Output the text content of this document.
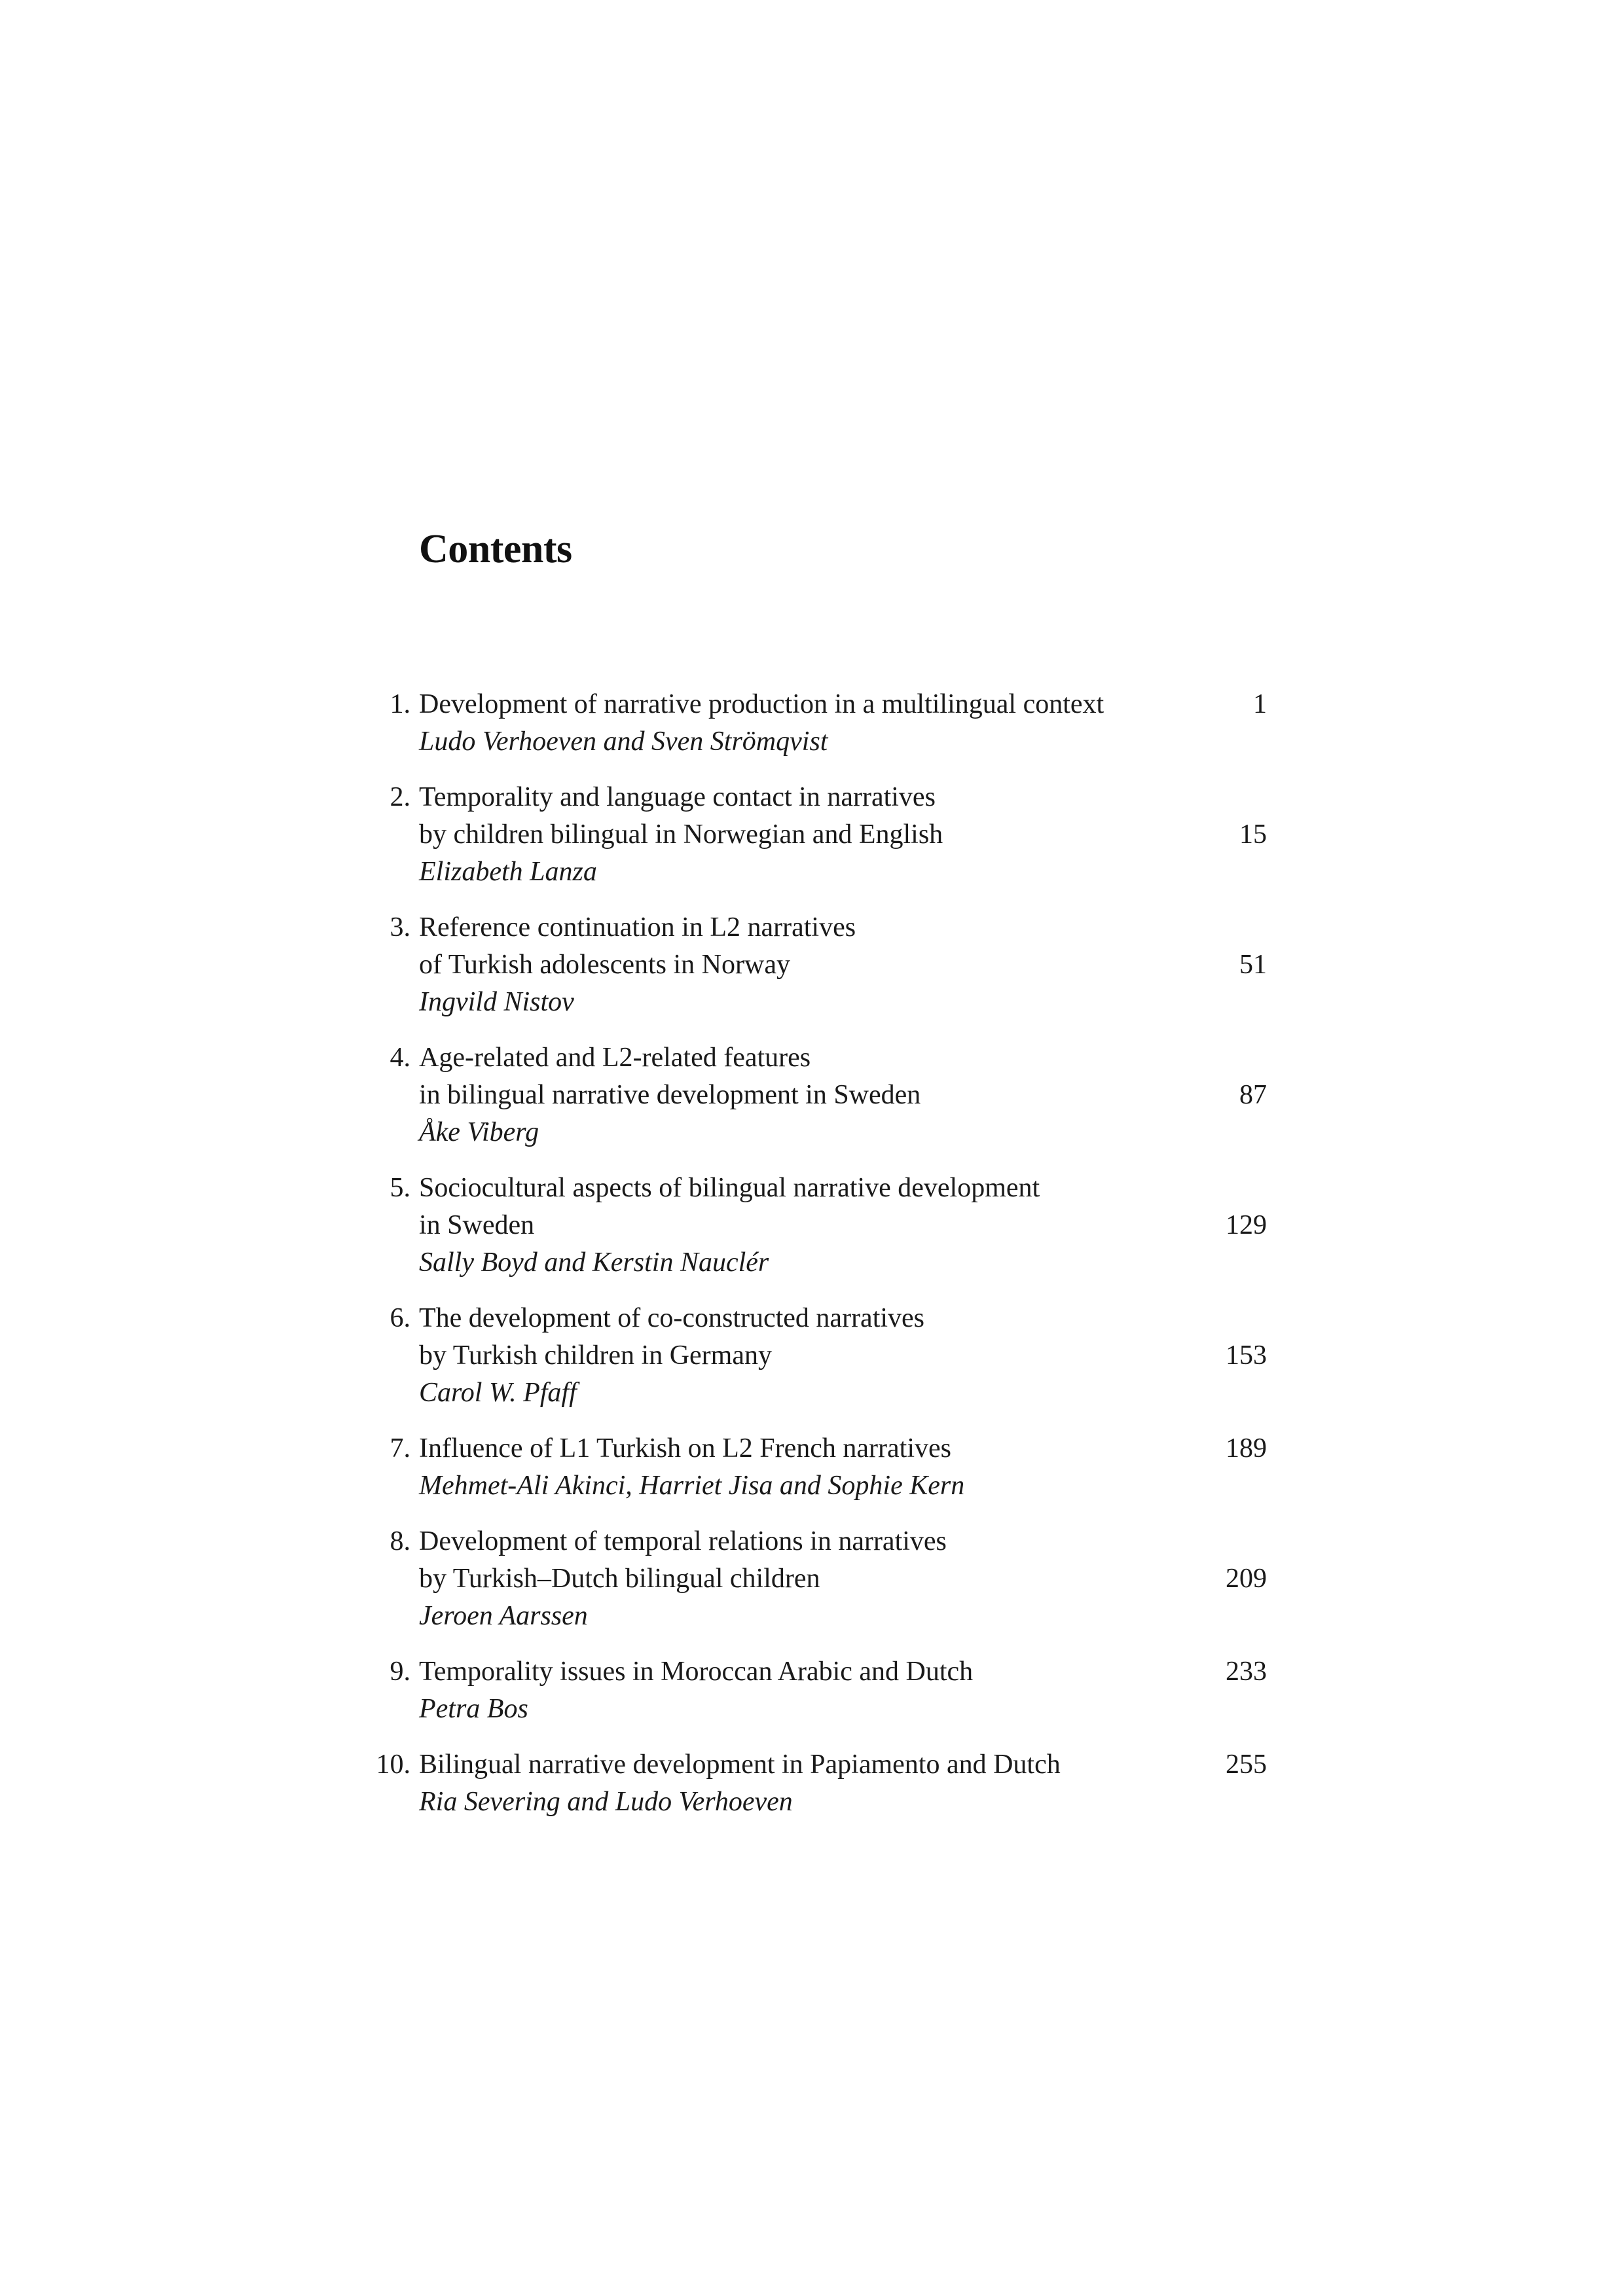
Contents
1. Development of narrative production in a multilingual context
Ludo Verhoeven and Sven Strömqvist
1
2. Temporality and language contact in narratives
by children bilingual in Norwegian and English
Elizabeth Lanza
15
3. Reference continuation in L2 narratives
of Turkish adolescents in Norway
Ingvild Nistov
51
4. Age-related and L2-related features
in bilingual narrative development in Sweden
Åke Viberg
87
5. Sociocultural aspects of bilingual narrative development
in Sweden
Sally Boyd and Kerstin Nauclér
129
6. The development of co-constructed narratives
by Turkish children in Germany
Carol W. Pfaff
153
7. Influence of L1 Turkish on L2 French narratives
Mehmet-Ali Akinci, Harriet Jisa and Sophie Kern
189
8. Development of temporal relations in narratives
by Turkish–Dutch bilingual children
Jeroen Aarssen
209
9. Temporality issues in Moroccan Arabic and Dutch
Petra Bos
233
10. Bilingual narrative development in Papiamento and Dutch
Ria Severing and Ludo Verhoeven
255
